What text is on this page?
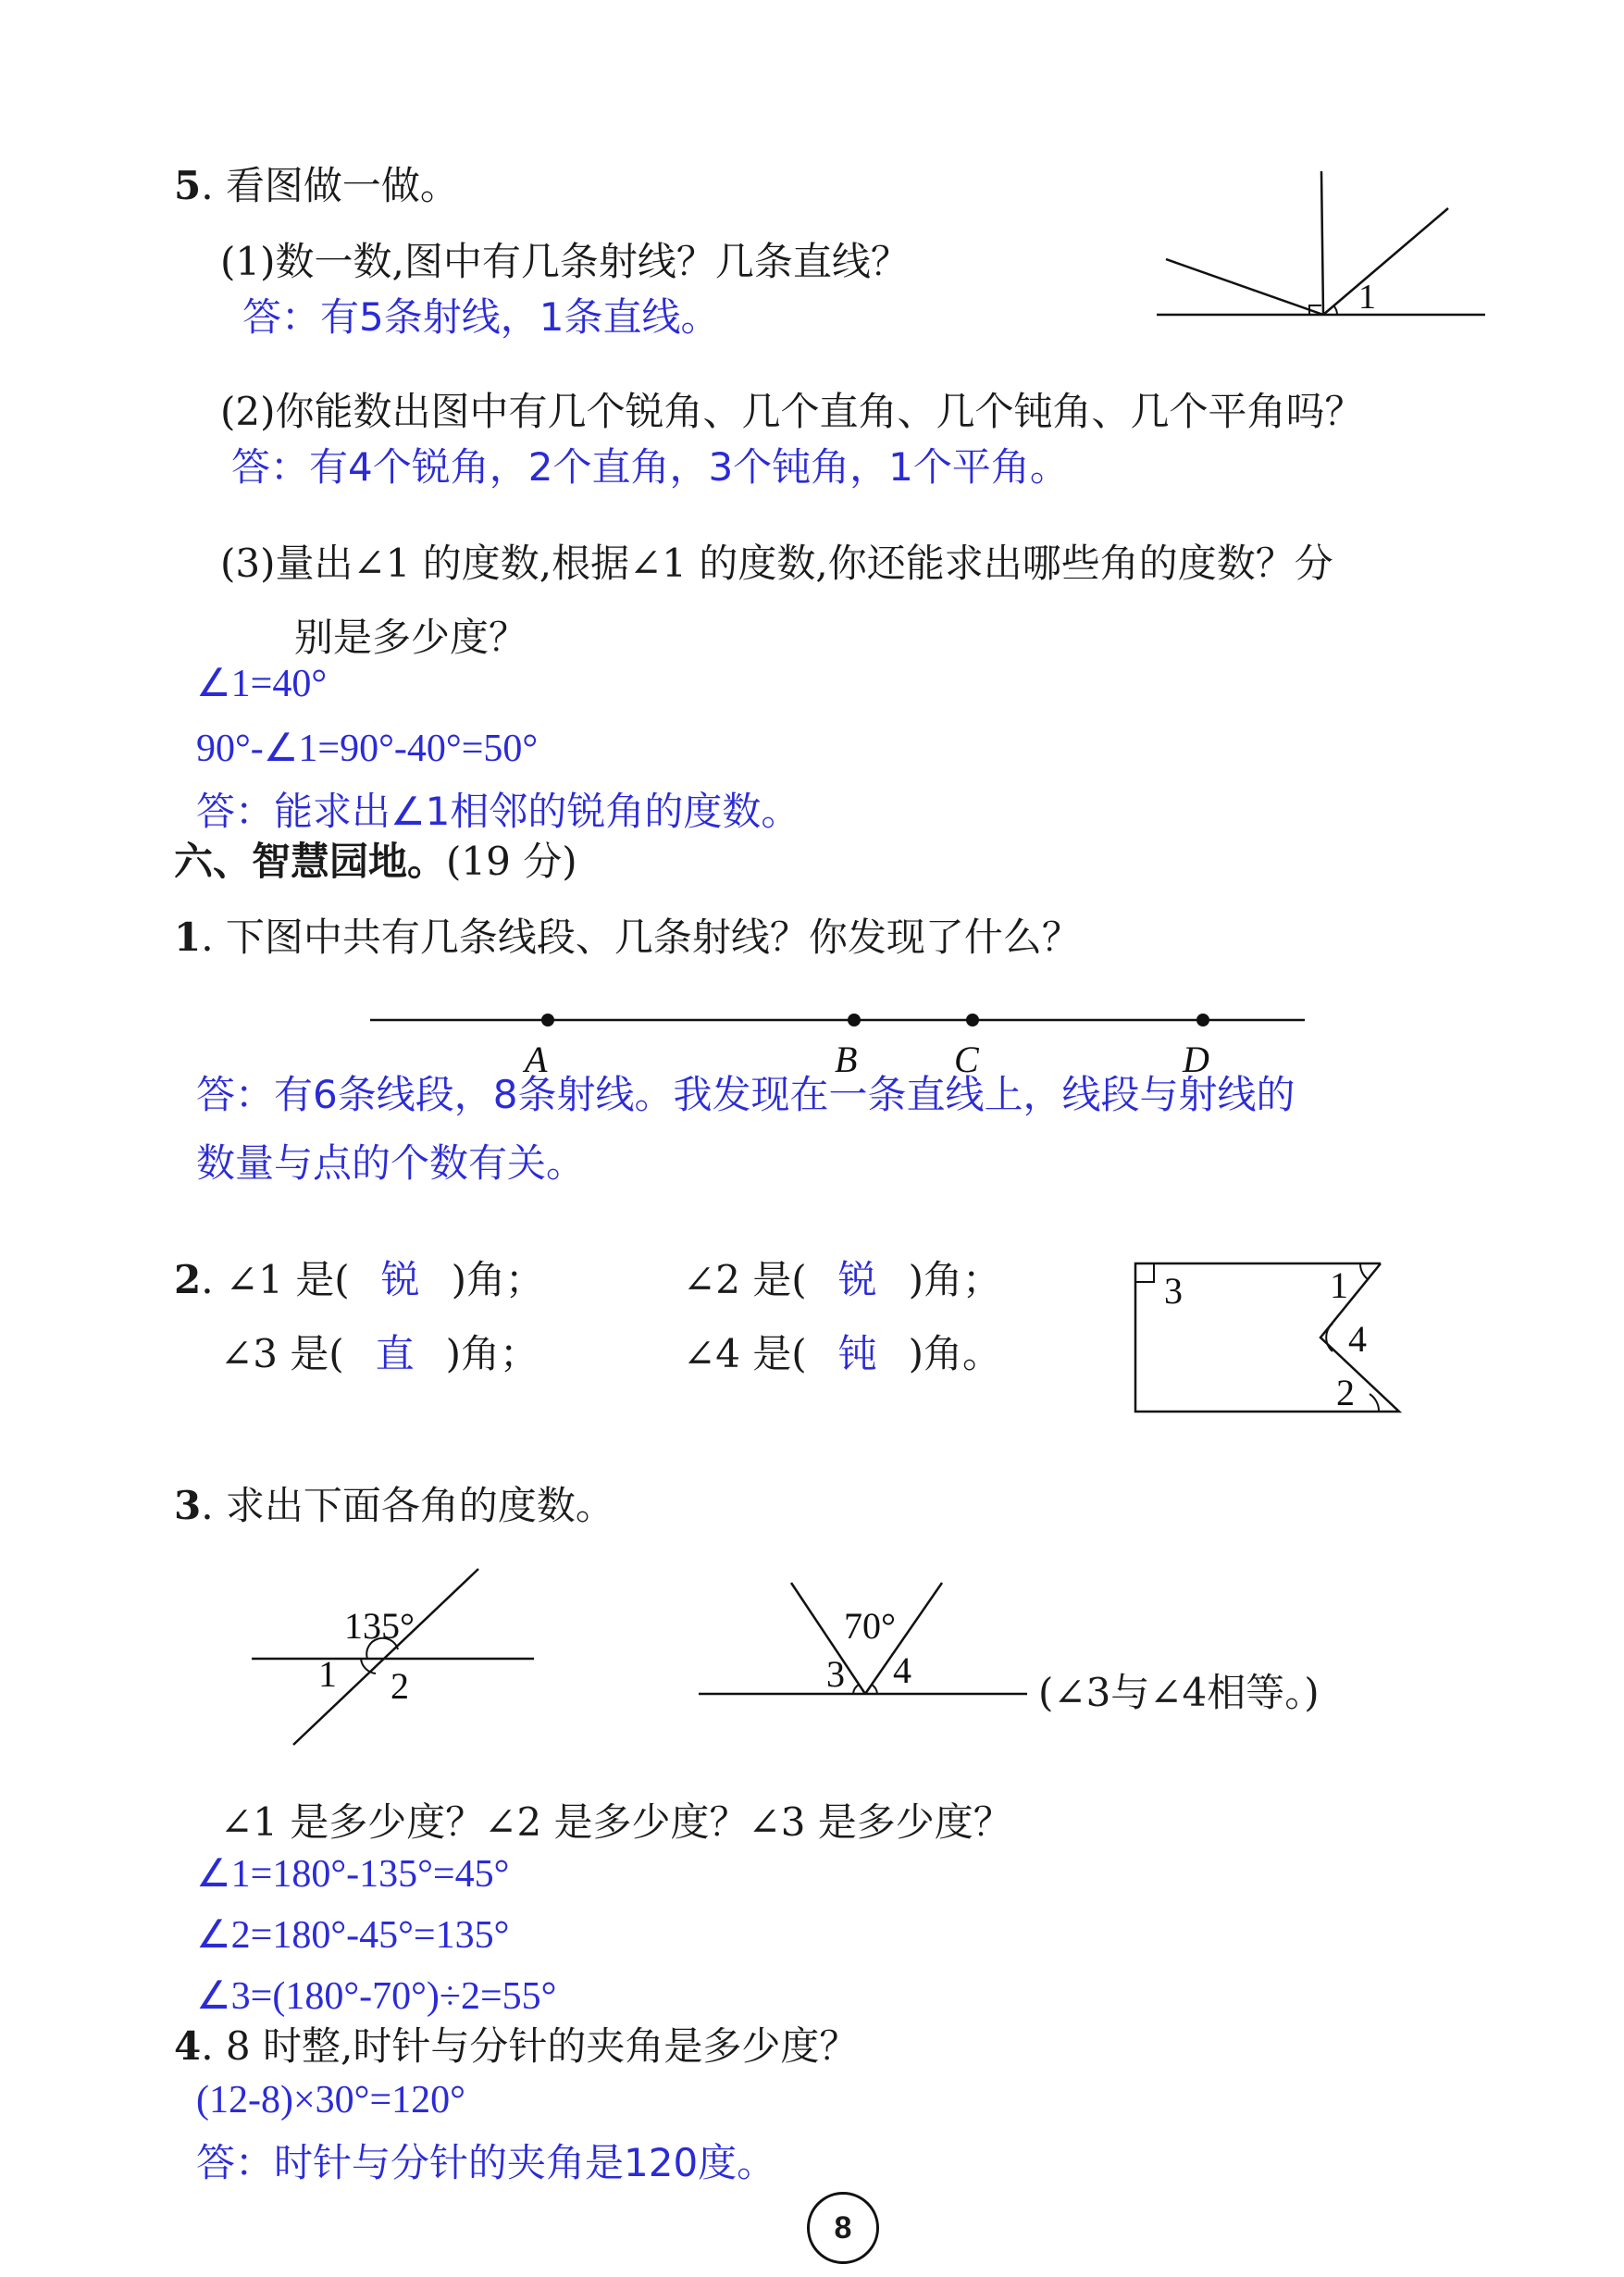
5. 看图做一做。
(1)数一数,图中有几条射线？几条直线？
答：有5条射线，1条直线。	1
(2)你能数出图中有几个锐角、几个直角、几个钝角、几个平角吗？
答：有4个锐角，2个直角，3个钝角，1个平角。
(3)量出∠1 的度数,根据∠1 的度数,你还能求出哪些角的度数？分
别是多少度？
∠1=40°
90°-∠1=90°-40°=50°
答：能求出∠1相邻的锐角的度数。
六、智慧园地。(19 分)
1. 下图中共有几条线段、几条射线？你发现了什么？
A	B	C	D
答：有6条线段，8条射线。我发现在一条直线上，线段与射线的
数量与点的个数有关。
2. ∠1 是( 锐 )角；	∠2 是( 锐 )角；
∠3 是( 直 )角；	∠4 是( 钝 )角。
3	1
4
2
3. 求出下面各角的度数。
135°
1 2
70°
3 4	(∠3与∠4相等。)
∠1 是多少度？∠2 是多少度？∠3 是多少度？
∠1=180°-135°=45°
∠2=180°-45°=135°
∠3=(180°-70°)÷2=55°
4. 8 时整,时针与分针的夹角是多少度？
(12-8)×30°=120°
答：时针与分针的夹角是120度。
8
